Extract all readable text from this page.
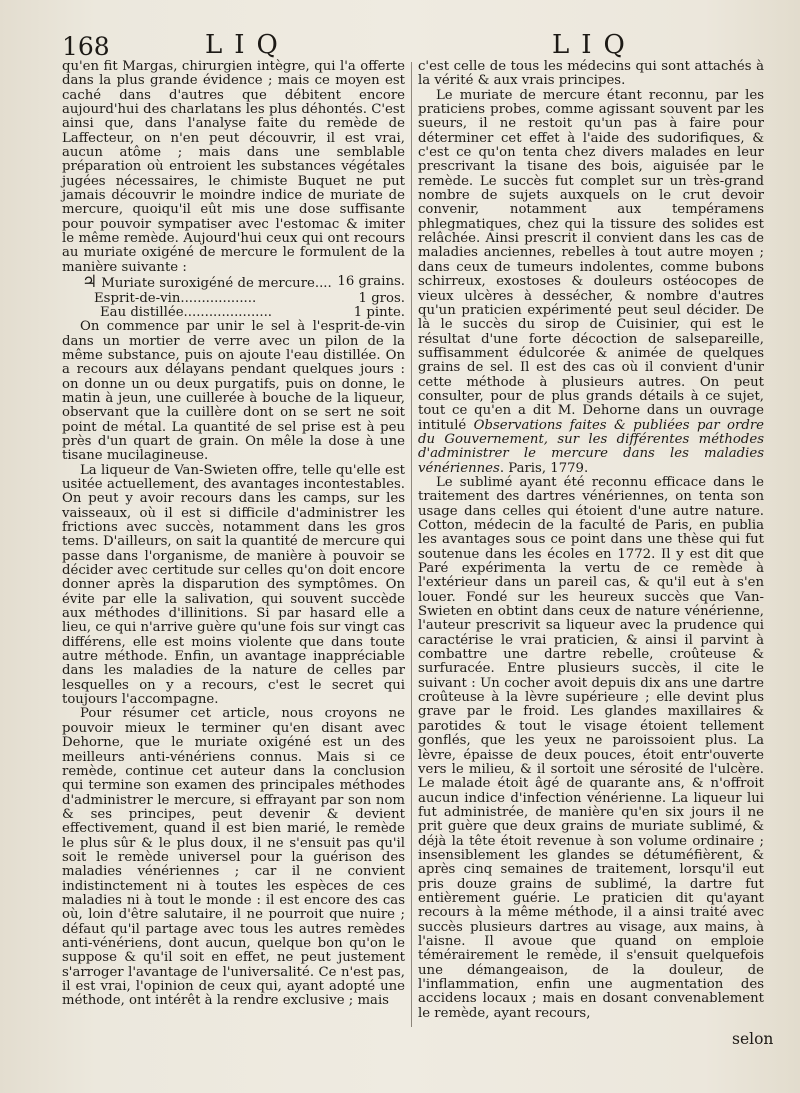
168	LIQ	LIQ

qu'en fit Margas, chirurgien intègre, qui l'a offerte dans la plus grande évidence ; mais ce moyen est caché dans d'autres que débitent encore aujourd'hui des charlatans les plus déhontés. C'est ainsi que, dans l'analyse faite du remède de Laffecteur, on n'en peut découvrir, il est vrai, aucun atôme ; mais dans une semblable préparation où entroient les substances végétales jugées nécessaires, le chimiste Buquet ne put jamais découvrir le moindre indice de muriate de mercure, quoiqu'il eût mis une dose suffisante pour pouvoir sympatiser avec l'estomac & imiter le même remède. Aujourd'hui ceux qui ont recours au muriate oxigéné de mercure le formulent de la manière suivante :

♃ Muriate suroxigéné de mercure.... 16 grains.
Esprit-de-vin..................	1 gros.
Eau distillée.....................	1 pinte.

On commence par unir le sel à l'esprit-de-vin dans un mortier de verre avec un pilon de la même substance, puis on ajoute l'eau distillée. On a recours aux délayans pendant quelques jours : on donne un ou deux purgatifs, puis on donne, le matin à jeun, une cuillerée à bouche de la liqueur, observant que la cuillère dont on se sert ne soit point de métal. La quantité de sel prise est à peu près d'un quart de grain. On mêle la dose à une tisane mucilagineuse.

La liqueur de Van-Swieten offre, telle qu'elle est usitée actuellement, des avantages incontestables. On peut y avoir recours dans les camps, sur les vaisseaux, où il est si difficile d'administrer les frictions avec succès, notamment dans les gros tems. D'ailleurs, on sait la quantité de mercure qui passe dans l'organisme, de manière à pouvoir se décider avec certitude sur celles qu'on doit encore donner après la disparution des symptômes. On évite par elle la salivation, qui souvent succède aux méthodes d'illinitions. Si par hasard elle a lieu, ce qui n'arrive guère qu'une fois sur vingt cas différens, elle est moins violente que dans toute autre méthode. Enfin, un avantage inappréciable dans les maladies de la nature de celles par lesquelles on y a recours, c'est le secret qui toujours l'accompagne.

Pour résumer cet article, nous croyons ne pouvoir mieux le terminer qu'en disant avec Dehorne, que le muriate oxigéné est un des meilleurs anti-vénériens connus. Mais si ce remède, continue cet auteur dans la conclusion qui termine son examen des principales méthodes d'administrer le mercure, si effrayant par son nom & ses principes, peut devenir & devient effectivement, quand il est bien marié, le remède le plus sûr & le plus doux, il ne s'ensuit pas qu'il soit le remède universel pour la guérison des maladies vénériennes ; car il ne convient indistinctement ni à toutes les espèces de ces maladies ni à tout le monde : il est encore des cas où, loin d'être salutaire, il ne pourroit que nuire ; défaut qu'il partage avec tous les autres remèdes anti-vénériens, dont aucun, quelque bon qu'on le suppose & qu'il soit en effet, ne peut justement s'arroger l'avantage de l'universalité. Ce n'est pas, il est vrai, l'opinion de ceux qui, ayant adopté une méthode, ont intérêt à la rendre exclusive ; mais

c'est celle de tous les médecins qui sont attachés à la vérité & aux vrais principes.

Le muriate de mercure étant reconnu, par les praticiens probes, comme agissant souvent par les sueurs, il ne restoit qu'un pas à faire pour déterminer cet effet à l'aide des sudorifiques, & c'est ce qu'on tenta chez divers malades en leur prescrivant la tisane des bois, aiguisée par le remède. Le succès fut complet sur un très-grand nombre de sujets auxquels on le crut devoir convenir, notamment aux tempéramens phlegmatiques, chez qui la tissure des solides est relâchée. Ainsi prescrit il convient dans les cas de maladies anciennes, rebelles à tout autre moyen ; dans ceux de tumeurs indolentes, comme bubons schirreux, exostoses & douleurs ostéocopes de vieux ulcères à dessécher, & nombre d'autres qu'un praticien expérimenté peut seul décider. De là le succès du sirop de Cuisinier, qui est le résultat d'une forte décoction de salsepareille, suffisamment édulcorée & animée de quelques grains de sel. Il est des cas où il convient d'unir cette méthode à plusieurs autres. On peut consulter, pour de plus grands détails à ce sujet, tout ce qu'en a dit M. Dehorne dans un ouvrage intitulé Observations faites & publiées par ordre du Gouvernement, sur les différentes méthodes d'administrer le mercure dans les maladies vénériennes. Paris, 1779.

Le sublimé ayant été reconnu efficace dans le traitement des dartres vénériennes, on tenta son usage dans celles qui étoient d'une autre nature. Cotton, médecin de la faculté de Paris, en publia les avantages sous ce point dans une thèse qui fut soutenue dans les écoles en 1772. Il y est dit que Paré expérimenta la vertu de ce remède à l'extérieur dans un pareil cas, & qu'il eut à s'en louer. Fondé sur les heureux succès que Van-Swieten en obtint dans ceux de nature vénérienne, l'auteur prescrivit sa liqueur avec la prudence qui caractérise le vrai praticien, & ainsi il parvint à combattre une dartre rebelle, croûteuse & surfuracée. Entre plusieurs succès, il cite le suivant : Un cocher avoit depuis dix ans une dartre croûteuse à la lèvre supérieure ; elle devint plus grave par le froid. Les glandes maxillaires & parotides & tout le visage étoient tellement gonflés, que les yeux ne paroissoient plus. La lèvre, épaisse de deux pouces, étoit entr'ouverte vers le milieu, & il sortoit une sérosité de l'ulcère. Le malade étoit âgé de quarante ans, & n'offroit aucun indice d'infection vénérienne. La liqueur lui fut administrée, de manière qu'en six jours il ne prit guère que deux grains de muriate sublimé, & déjà la tête étoit revenue à son volume ordinaire ; insensiblement les glandes se détuméfièrent, & après cinq semaines de traitement, lorsqu'il eut pris douze grains de sublimé, la dartre fut entièrement guérie. Le praticien dit qu'ayant recours à la même méthode, il a ainsi traité avec succès plusieurs dartres au visage, aux mains, à l'aisne. Il avoue que quand on emploie témérairement le remède, il s'ensuit quelquefois une démangeaison, de la douleur, de l'inflammation, enfin une augmentation des accidens locaux ; mais en dosant convenablement le remède, ayant recours,

selon
